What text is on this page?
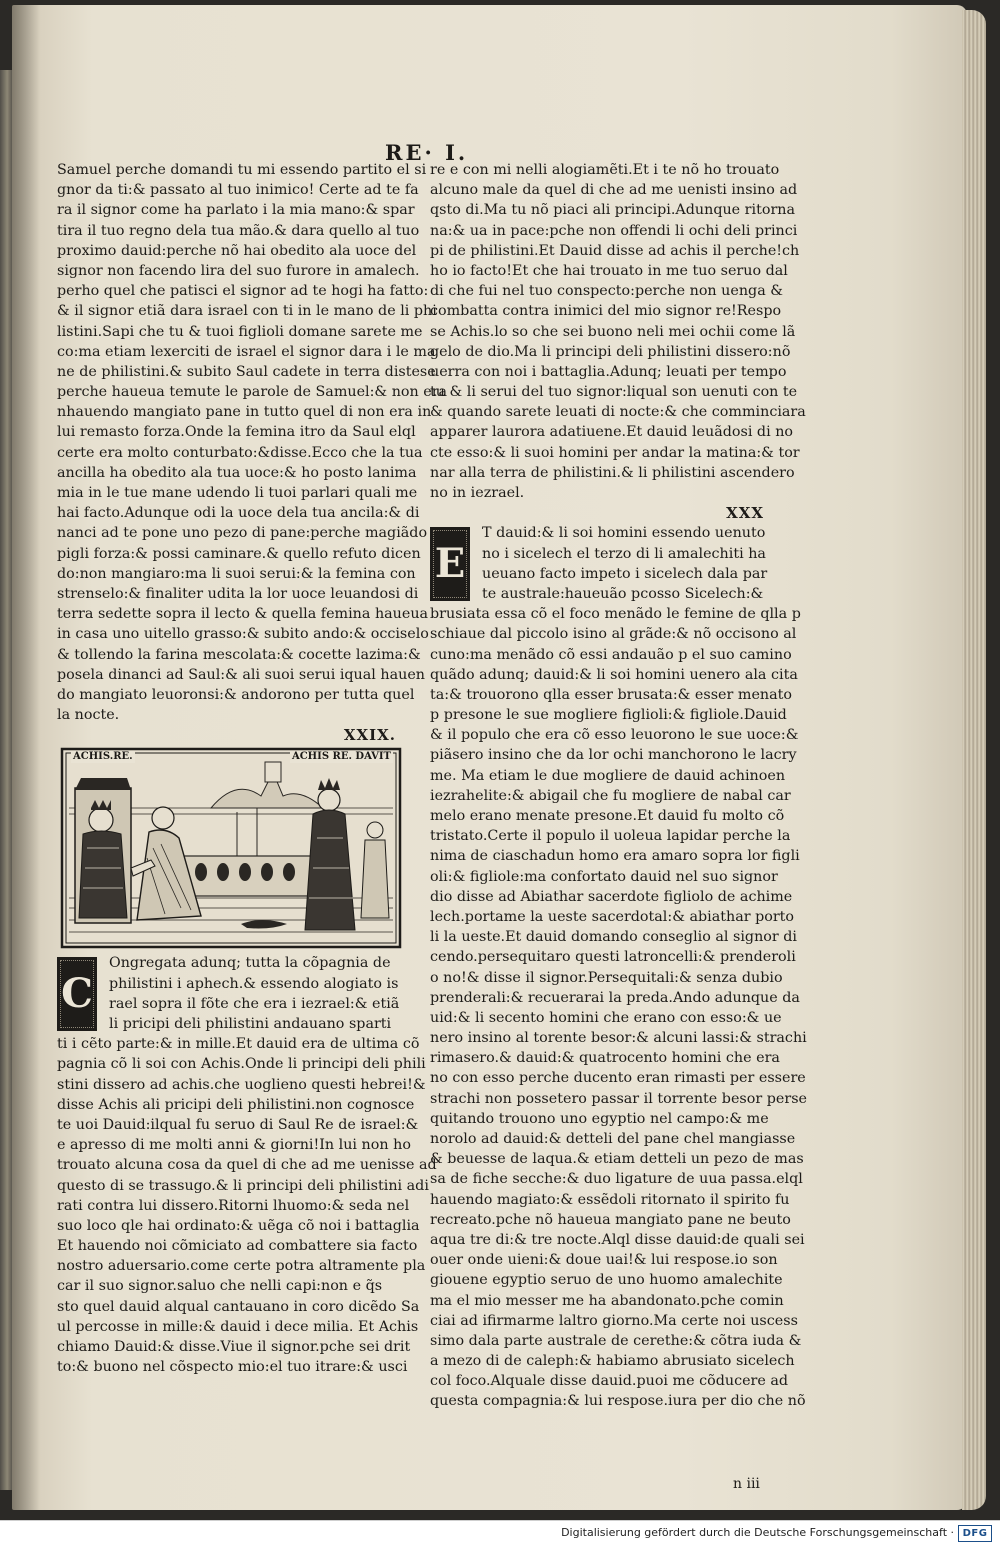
RE· I.
Samuel perche domandi tu mi essendo partito el si
gnor da ti:& passato al tuo inimico! Certe ad te fa
ra il signor come ha parlato i la mia mano:& spar
tira il tuo regno dela tua mão.& dara quello al tuo
proximo dauid:perche nõ hai obedito ala uoce del
signor non facendo lira del suo furore in amalech.
perho quel che patisci el signor ad te hogi ha fatto:
& il signor etiã dara israel con ti in le mano de li phi
listini.Sapi che tu & tuoi figlioli domane sarete me
co:ma etiam lexerciti de israel el signor dara i le ma
ne de philistini.& subito Saul cadete in terra distese
perche haueua temute le parole de Samuel:& non era
nhauendo mangiato pane in tutto quel di non era in
lui remasto forza.Onde la femina itro da Saul elql
certe era molto conturbato:&disse.Ecco che la tua
ancilla ha obedito ala tua uoce:& ho posto lanima
mia in le tue mane udendo li tuoi parlari quali me
hai facto.Adunque odi la uoce dela tua ancila:& di
nanci ad te pone uno pezo di pane:perche magiãdo
pigli forza:& possi caminare.& quello refuto dicen
do:non mangiaro:ma li suoi serui:& la femina con
strenselo:& finaliter udita la lor uoce leuandosi di
terra sedette sopra il lecto & quella femina haueua
in casa uno uitello grasso:& subito ando:& occiselo
& tollendo la farina mescolata:& cocette lazima:&
posela dinanci ad Saul:& ali suoi serui iqual hauen
do mangiato leuoronsi:& andorono per tutta quel
la nocte.
XXIX.
ACHIS.RE.	ACHIS RE. DAVIT
C
Ongregata adunq; tutta la cõpagnia de
philistini i aphech.& essendo alogiato is
rael sopra il fõte che era i iezrael:& etiã
li pricipi deli philistini andauano sparti
ti i cẽto parte:& in mille.Et dauid era de ultima cõ
pagnia cõ li soi con Achis.Onde li principi deli phili
stini dissero ad achis.che uoglieno questi hebrei!&
disse Achis ali pricipi deli philistini.non cognosce
te uoi Dauid:ilqual fu seruo di Saul Re de israel:&
e apresso di me molti anni & giorni!In lui non ho
trouato alcuna cosa da quel di che ad me uenisse ad
questo di se trassugo.& li principi deli philistini adi
rati contra lui dissero.Ritorni lhuomo:& seda nel
suo loco qle hai ordinato:& uẽga cõ noi i battaglia
Et hauendo noi cõmiciato ad combattere sia facto
nostro aduersario.come certe potra altramente pla
car il suo signor.saluo che nelli capi:non e q̃s
sto quel dauid alqual cantauano in coro dicẽdo Sa
ul percosse in mille:& dauid i dece milia. Et Achis
chiamo Dauid:& disse.Viue il signor.pche sei drit
to:& buono nel cõspecto mio:el tuo itrare:& usci
re e con mi nelli alogiamẽti.Et i te nõ ho trouato
alcuno male da quel di che ad me uenisti insino ad
qsto di.Ma tu nõ piaci ali principi.Adunque ritorna
na:& ua in pace:pche non offendi li ochi deli princi
pi de philistini.Et Dauid disse ad achis il perche!ch
ho io facto!Et che hai trouato in me tuo seruo dal
di che fui nel tuo conspecto:perche non uenga &
combatta contra inimici del mio signor re!Respo
se Achis.lo so che sei buono neli mei ochii come lã
gelo de dio.Ma li principi deli philistini dissero:nõ
uerra con noi i battaglia.Adunq; leuati per tempo
tu & li serui del tuo signor:liqual son uenuti con te
& quando sarete leuati di nocte:& che comminciara
apparer laurora adatiuene.Et dauid leuãdosi di no
cte esso:& li suoi homini per andar la matina:& tor
nar alla terra de philistini.& li philistini ascendero
no in iezrael.
XXX
E
T dauid:& li soi homini essendo uenuto
no i sicelech el terzo di li amalechiti ha
ueuano facto impeto i sicelech dala par
te australe:haueuão pcosso Sicelech:&
brusiata essa cõ el foco menãdo le femine de qlla p
schiaue dal piccolo isino al grãde:& nõ occisono al
cuno:ma menãdo cõ essi andauão p el suo camino
quãdo adunq; dauid:& li soi homini uenero ala cita
ta:& trouorono qlla esser brusata:& esser menato
p presone le sue mogliere figlioli:& figliole.Dauid
& il populo che era cõ esso leuorono le sue uoce:&
piãsero insino che da lor ochi manchorono le lacry
me. Ma etiam le due mogliere de dauid achinoen
iezrahelite:& abigail che fu mogliere de nabal car
melo erano menate presone.Et dauid fu molto cõ
tristato.Certe il populo il uoleua lapidar perche la
nima de ciaschadun homo era amaro sopra lor figli
oli:& figliole:ma confortato dauid nel suo signor
dio disse ad Abiathar sacerdote figliolo de achime
lech.portame la ueste sacerdotal:& abiathar porto
li la ueste.Et dauid domando conseglio al signor di
cendo.persequitaro questi latroncelli:& prenderoli
o no!& disse il signor.Persequitali:& senza dubio
prenderali:& recuerarai la preda.Ando adunque da
uid:& li secento homini che erano con esso:& ue
nero insino al torente besor:& alcuni lassi:& strachi
rimasero.& dauid:& quatrocento homini che era
no con esso perche ducento eran rimasti per essere
strachi non possetero passar il torrente besor perse
quitando trouono uno egyptio nel campo:& me
norolo ad dauid:& detteli del pane chel mangiasse
& beuesse de laqua.& etiam detteli un pezo de mas
sa de fiche secche:& duo ligature de uua passa.elql
hauendo magiato:& essẽdoli ritornato il spirito fu
recreato.pche nõ haueua mangiato pane ne beuto
aqua tre di:& tre nocte.Alql disse dauid:de quali sei
ouer onde uieni:& doue uai!& lui respose.io son
giouene egyptio seruo de uno huomo amalechite
ma el mio messer me ha abandonato.pche comin
ciai ad ifirmarme laltro giorno.Ma certe noi uscess
simo dala parte australe de cerethe:& cõtra iuda &
a mezo di de caleph:& habiamo abrusiato sicelech
col foco.Alquale disse dauid.puoi me cõducere ad
questa compagnia:& lui respose.iura per dio che nõ
n iii
Digitalisierung gefördert durch die Deutsche Forschungsgemeinschaft · DFG
